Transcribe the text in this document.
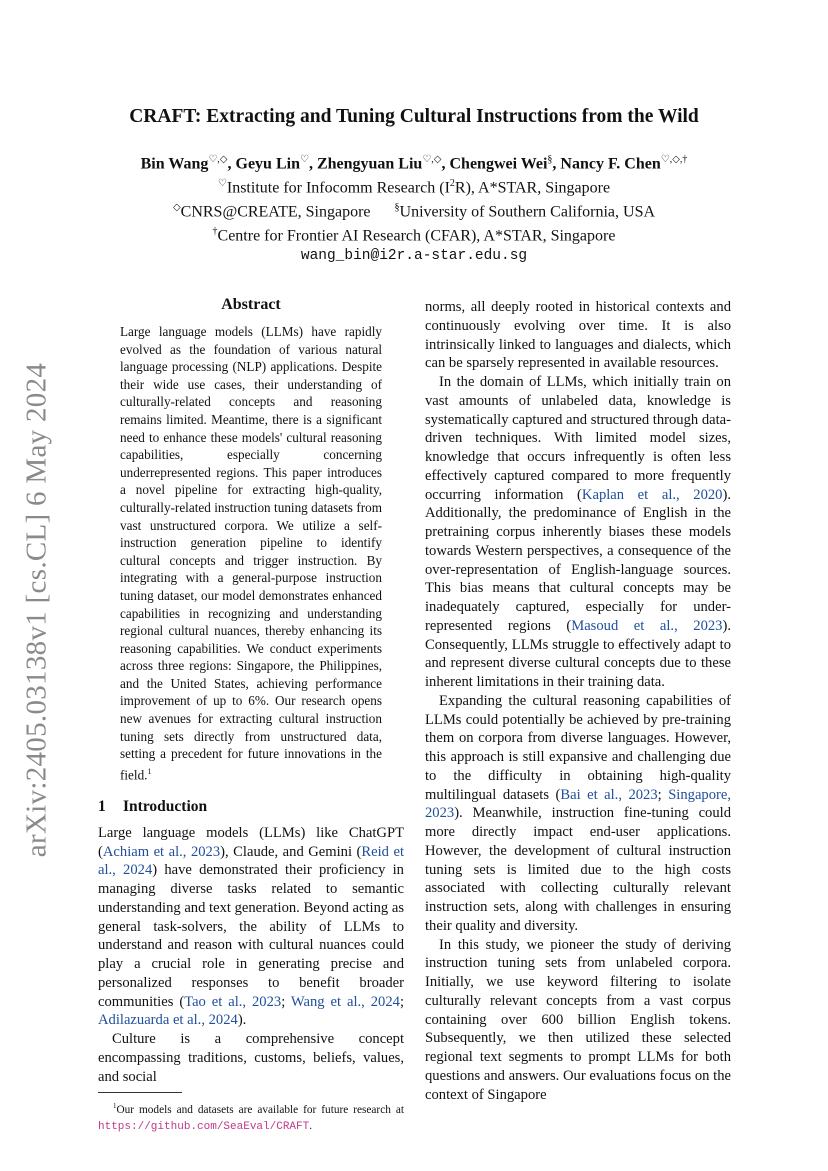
arXiv:2405.03138v1 [cs.CL] 6 May 2024
CRAFT: Extracting and Tuning Cultural Instructions from the Wild
Bin Wang♡,◇, Geyu Lin♡, Zhengyuan Liu♡,◇, Chengwei Wei§, Nancy F. Chen♡,◇,†
♡Institute for Infocomm Research $(I^2R)$, A*STAR, Singapore
◇CNRS@CREATE, Singapore §University of Southern California, USA
†Centre for Frontier AI Research (CFAR), A*STAR, Singapore
wang_bin@i2r.a-star.edu.sg
Abstract
Large language models (LLMs) have rapidly evolved as the foundation of various natural language processing (NLP) applications. Despite their wide use cases, their understanding of culturally-related concepts and reasoning remains limited. Meantime, there is a significant need to enhance these models' cultural reasoning capabilities, especially concerning underrepresented regions. This paper introduces a novel pipeline for extracting high-quality, culturally-related instruction tuning datasets from vast unstructured corpora. We utilize a self-instruction generation pipeline to identify cultural concepts and trigger instruction. By integrating with a general-purpose instruction tuning dataset, our model demonstrates enhanced capabilities in recognizing and understanding regional cultural nuances, thereby enhancing its reasoning capabilities. We conduct experiments across three regions: Singapore, the Philippines, and the United States, achieving performance improvement of up to 6%. Our research opens new avenues for extracting cultural instruction tuning sets directly from unstructured data, setting a precedent for future innovations in the field.$^1$
1 Introduction

Large language models (LLMs) like ChatGPT (Achiam et al., 2023), Claude, and Gemini (Reid et al., 2024) have demonstrated their proficiency in managing diverse tasks related to semantic understanding and text generation. Beyond acting as general task-solvers, the ability of LLMs to understand and reason with cultural nuances could play a crucial role in generating precise and personalized responses to benefit broader communities (Tao et al., 2023; Wang et al., 2024; Adilazuarda et al., 2024).

Culture is a comprehensive concept encompassing traditions, customs, beliefs, values, and social

$^1$Our models and datasets are available for future research at https://github.com/SeaEval/CRAFT.

norms, all deeply rooted in historical contexts and continuously evolving over time. It is also intrinsically linked to languages and dialects, which can be sparsely represented in available resources.

In the domain of LLMs, which initially train on vast amounts of unlabeled data, knowledge is systematically captured and structured through data-driven techniques. With limited model sizes, knowledge that occurs infrequently is often less effectively captured compared to more frequently occurring information (Kaplan et al., 2020). Additionally, the predominance of English in the pretraining corpus inherently biases these models towards Western perspectives, a consequence of the over-representation of English-language sources. This bias means that cultural concepts may be inadequately captured, especially for under-represented regions (Masoud et al., 2023). Consequently, LLMs struggle to effectively adapt to and represent diverse cultural concepts due to these inherent limitations in their training data.

Expanding the cultural reasoning capabilities of LLMs could potentially be achieved by pre-training them on corpora from diverse languages. However, this approach is still expansive and challenging due to the difficulty in obtaining high-quality multilingual datasets (Bai et al., 2023; Singapore, 2023). Meanwhile, instruction fine-tuning could more directly impact end-user applications. However, the development of cultural instruction tuning sets is limited due to the high costs associated with collecting culturally relevant instruction sets, along with challenges in ensuring their quality and diversity.

In this study, we pioneer the study of deriving instruction tuning sets from unlabeled corpora. Initially, we use keyword filtering to isolate culturally relevant concepts from a vast corpus containing over 600 billion English tokens. Subsequently, we then utilized these selected regional text segments to prompt LLMs for both questions and answers. Our evaluations focus on the context of Singapore
